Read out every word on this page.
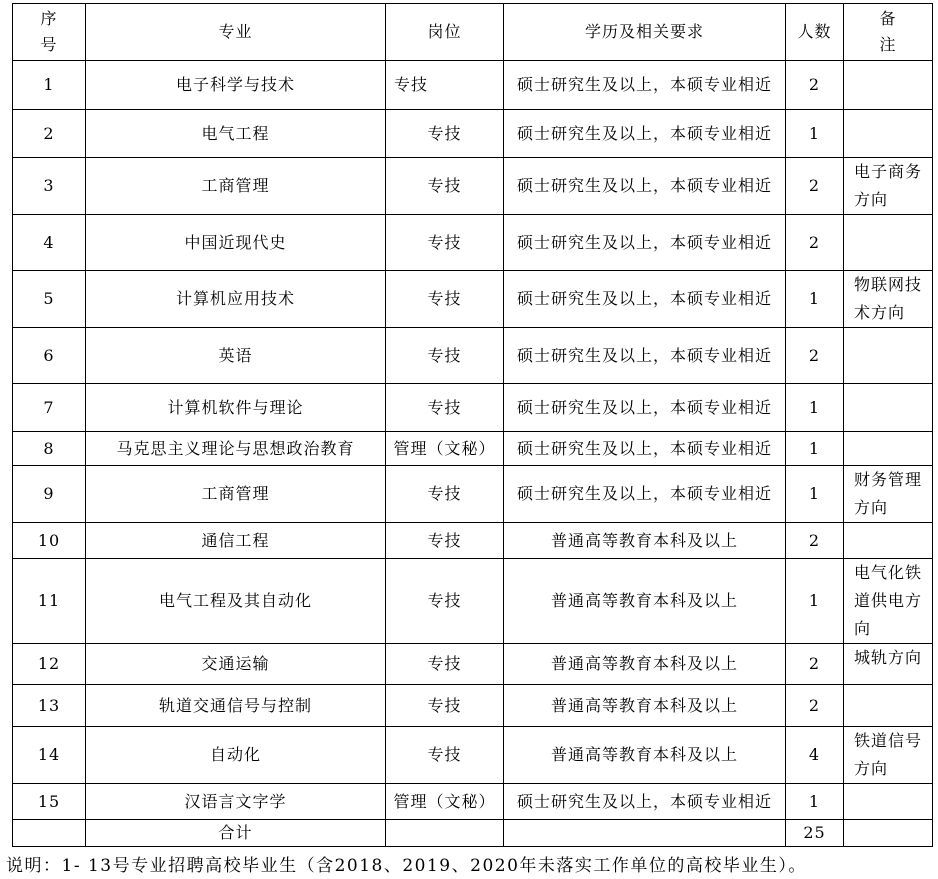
序号	专业	岗位	学历及相关要求	人数	备注
1	电子科学与技术	专技	硕士研究生及以上，本硕专业相近	2	
2	电气工程	专技	硕士研究生及以上，本硕专业相近	1	
3	工商管理	专技	硕士研究生及以上，本硕专业相近	2	电子商务方向
4	中国近现代史	专技	硕士研究生及以上，本硕专业相近	2	
5	计算机应用技术	专技	硕士研究生及以上，本硕专业相近	1	物联网技术方向
6	英语	专技	硕士研究生及以上，本硕专业相近	2	
7	计算机软件与理论	专技	硕士研究生及以上，本硕专业相近	1	
8	马克思主义理论与思想政治教育	管理（文秘）	硕士研究生及以上，本硕专业相近	1	
9	工商管理	专技	硕士研究生及以上，本硕专业相近	1	财务管理方向
10	通信工程	专技	普通高等教育本科及以上	2	
11	电气工程及其自动化	专技	普通高等教育本科及以上	1	电气化铁道供电方向
12	交通运输	专技	普通高等教育本科及以上	2	城轨方向
13	轨道交通信号与控制	专技	普通高等教育本科及以上	2	
14	自动化	专技	普通高等教育本科及以上	4	铁道信号方向
15	汉语言文字学	管理（文秘）	硕士研究生及以上，本硕专业相近	1	
	合计			25	
说明：1- 13号专业招聘高校毕业生（含2018、2019、2020年未落实工作单位的高校毕业生）。
